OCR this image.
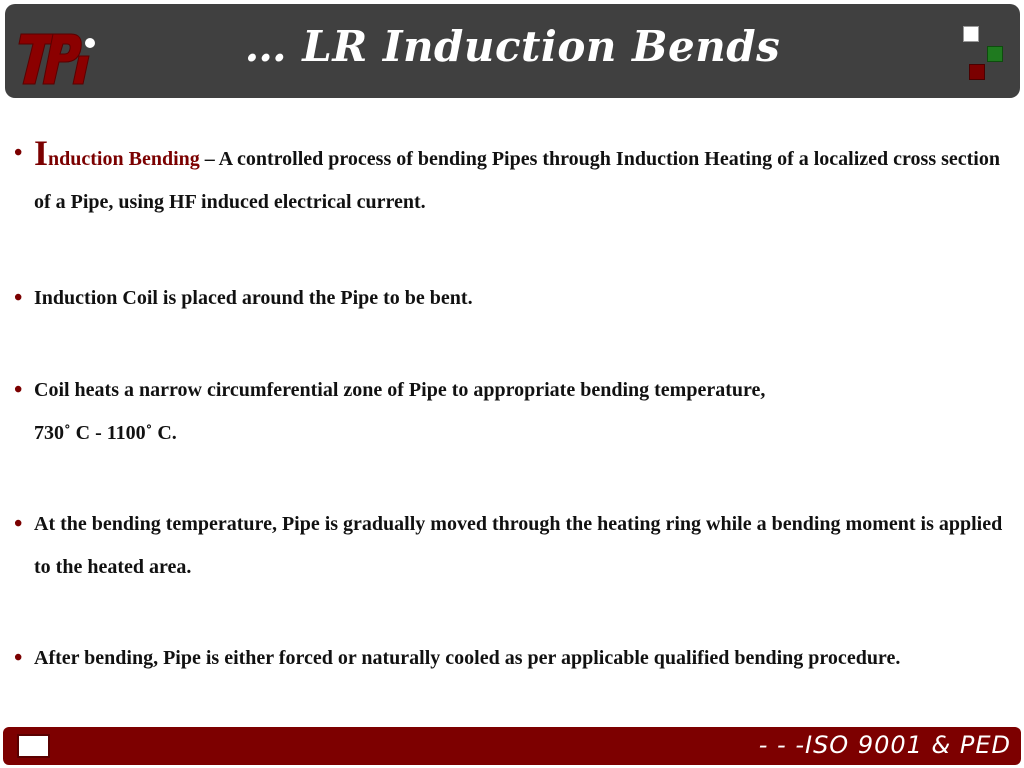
… LR Induction Bends
• Induction Bending – A controlled process of bending Pipes through Induction Heating of a localized cross section of a Pipe, using HF induced electrical current.
• Induction Coil is placed around the Pipe to be bent.
• Coil heats a narrow circumferential zone of Pipe to appropriate bending temperature,
730˚ C - 1100˚ C.
• At the bending temperature, Pipe is gradually moved through the heating ring while a bending moment is applied to the heated area.
• After bending, Pipe is either forced or naturally cooled as per applicable qualified bending procedure.
- - -ISO 9001 & PED
